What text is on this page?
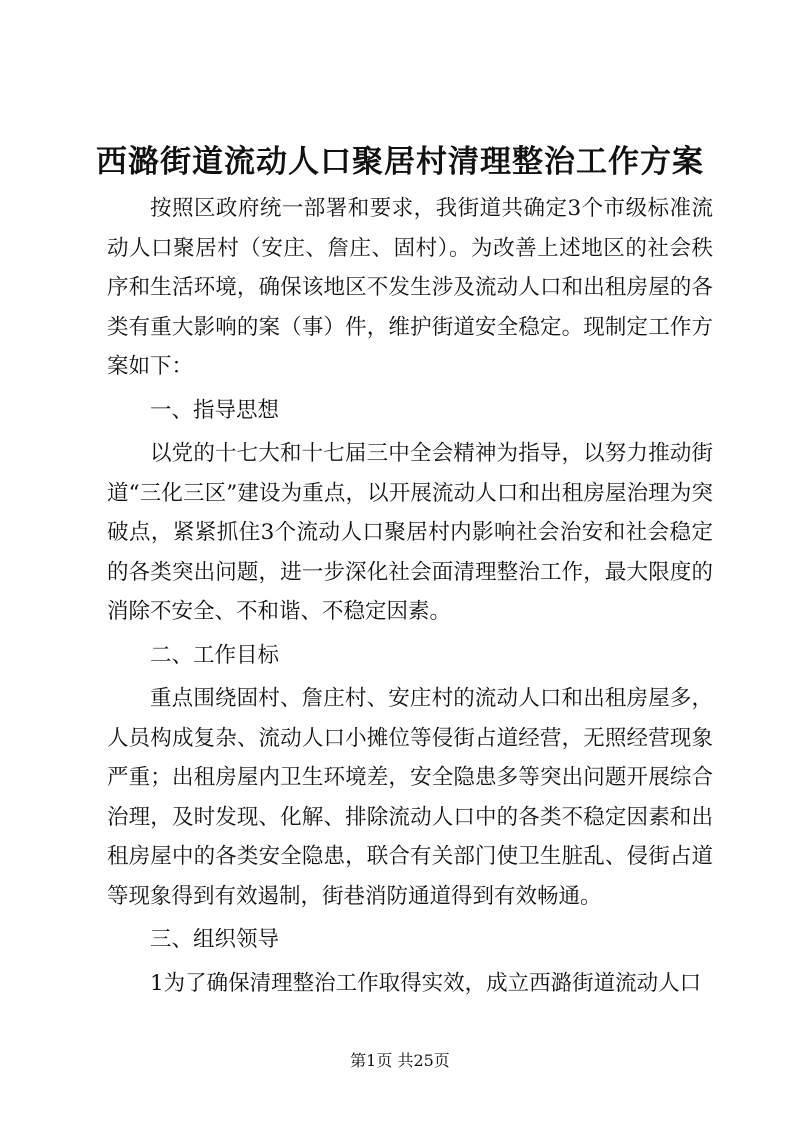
西潞街道流动人口聚居村清理整治工作方案

按照区政府统一部署和要求，我街道共确定3个市级标准流动人口聚居村（安庄、詹庄、固村）。为改善上述地区的社会秩序和生活环境，确保该地区不发生涉及流动人口和出租房屋的各类有重大影响的案（事）件，维护街道安全稳定。现制定工作方案如下：

一、指导思想

以党的十七大和十七届三中全会精神为指导，以努力推动街道“三化三区”建设为重点，以开展流动人口和出租房屋治理为突破点，紧紧抓住3个流动人口聚居村内影响社会治安和社会稳定的各类突出问题，进一步深化社会面清理整治工作，最大限度的消除不安全、不和谐、不稳定因素。

二、工作目标

重点围绕固村、詹庄村、安庄村的流动人口和出租房屋多，人员构成复杂、流动人口小摊位等侵街占道经营，无照经营现象严重；出租房屋内卫生环境差，安全隐患多等突出问题开展综合治理，及时发现、化解、排除流动人口中的各类不稳定因素和出租房屋中的各类安全隐患，联合有关部门使卫生脏乱、侵街占道等现象得到有效遏制，街巷消防通道得到有效畅通。

三、组织领导

1为了确保清理整治工作取得实效，成立西潞街道流动人口

第1页 共25页
